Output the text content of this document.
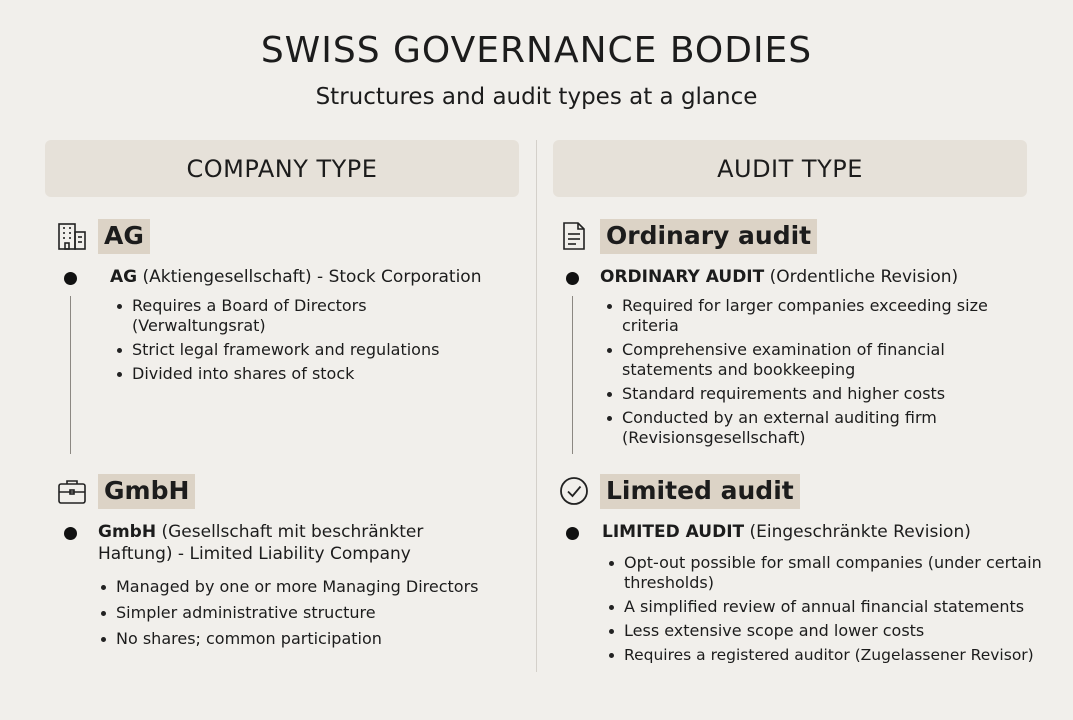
SWISS GOVERNANCE BODIES
Structures and audit types at a glance
COMPANY TYPE	AUDIT TYPE
AG
AG (Aktiengesellschaft) - Stock Corporation
Requires a Board of Directors (Verwaltungsrat)
Strict legal framework and regulations
Divided into shares of stock
GmbH
GmbH (Gesellschaft mit beschränkter Haftung) - Limited Liability Company
Managed by one or more Managing Directors
Simpler administrative structure
No shares; common participation
Ordinary audit
ORDINARY AUDIT (Ordentliche Revision)
Required for larger companies exceeding size criteria
Comprehensive examination of financial statements and bookkeeping
Standard requirements and higher costs
Conducted by an external auditing firm (Revisionsgesellschaft)
Limited audit
LIMITED AUDIT (Eingeschränkte Revision)
Opt-out possible for small companies (under certain thresholds)
A simplified review of annual financial statements
Less extensive scope and lower costs
Requires a registered auditor (Zugelassener Revisor)
